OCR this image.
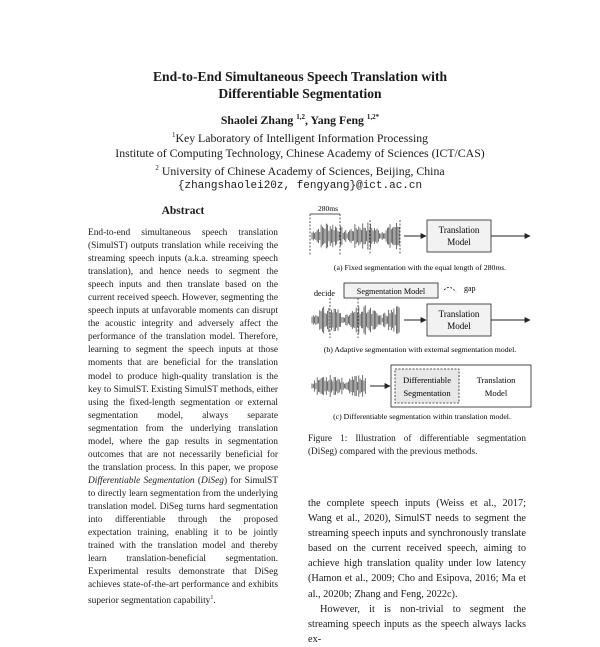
End-to-End Simultaneous Speech Translation with
Differentiable Segmentation
Shaolei Zhang $^{1,2}$, Yang Feng $^{1,2*}$
$^1$Key Laboratory of Intelligent Information Processing
Institute of Computing Technology, Chinese Academy of Sciences (ICT/CAS)
$^2$ University of Chinese Academy of Sciences, Beijing, China
{zhangshaolei20z, fengyang}@ict.ac.cn
Abstract
End-to-end simultaneous speech translation (SimulST) outputs translation while receiving the streaming speech inputs (a.k.a. streaming speech translation), and hence needs to segment the speech inputs and then translate based on the current received speech. However, segmenting the speech inputs at unfavorable moments can disrupt the acoustic integrity and adversely affect the performance of the translation model. Therefore, learning to segment the speech inputs at those moments that are beneficial for the translation model to produce high-quality translation is the key to SimulST. Existing SimulST methods, either using the fixed-length segmentation or external segmentation model, always separate segmentation from the underlying translation model, where the gap results in segmentation outcomes that are not necessarily beneficial for the translation process. In this paper, we propose Differentiable Segmentation (DiSeg) for SimulST to directly learn segmentation from the underlying translation model. DiSeg turns hard segmentation into differentiable through the proposed expectation training, enabling it to be jointly trained with the translation model and thereby learn translation-beneficial segmentation. Experimental results demonstrate that DiSeg achieves state-of-the-art performance and exhibits superior segmentation capability$^1$.
280ms
Translation
Model
(a) Fixed segmentation with the equal length of 280ms.
decide	Segmentation Model	gap
Translation
Model
(b) Adaptive segmentation with external segmentation model.
Differentiable
Segmentation
Translation
Model
(c) Differentiable segmentation within translation model.
Figure 1: Illustration of differentiable segmentation (DiSeg) compared with the previous methods.

the complete speech inputs (Weiss et al., 2017; Wang et al., 2020), SimulST needs to segment the streaming speech inputs and synchronously translate based on the current received speech, aiming to achieve high translation quality under low latency (Hamon et al., 2009; Cho and Esipova, 2016; Ma et al., 2020b; Zhang and Feng, 2022c).

However, it is non-trivial to segment the streaming speech inputs as the speech always lacks ex-
